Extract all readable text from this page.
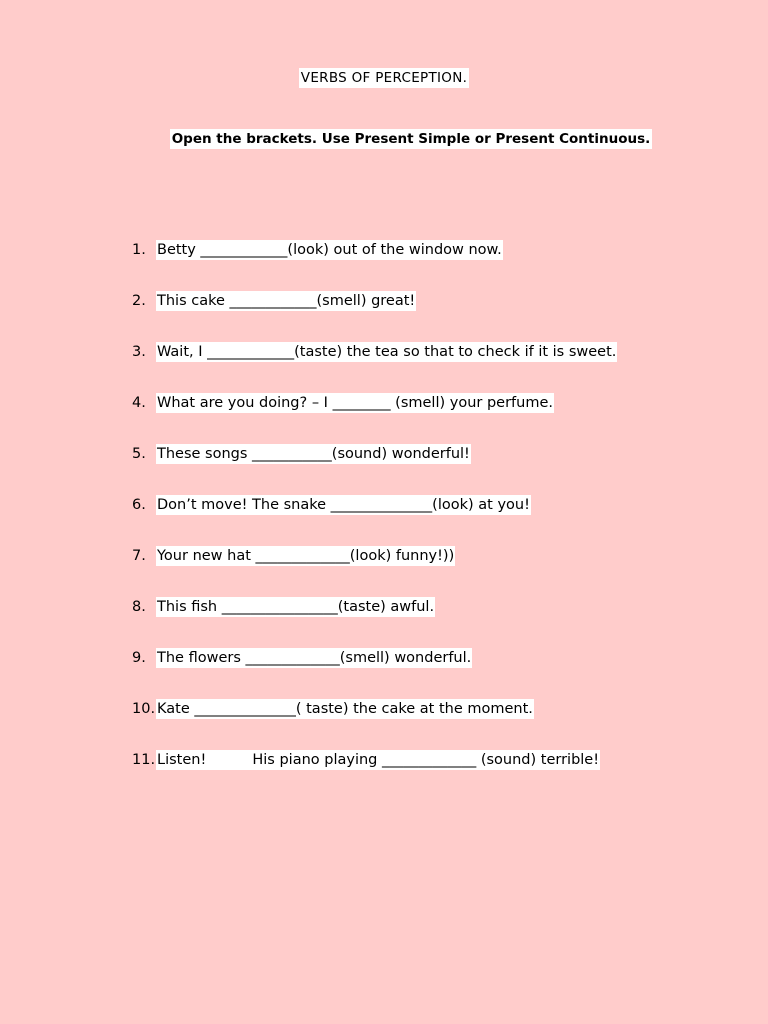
VERBS OF PERCEPTION.
Open the brackets. Use Present Simple or Present Continuous.
1. Betty ____________(look) out of the window now.
2. This cake ____________(smell) great!
3. Wait, I ____________(taste) the tea so that to check if it is sweet.
4. What are you doing? – I ________ (smell) your perfume.
5. These songs ___________(sound) wonderful!
6. Don’t move! The snake ______________(look) at you!
7. Your new hat _____________(look) funny!))
8. This fish ________________(taste) awful.
9. The flowers _____________(smell) wonderful.
10. Kate ______________( taste) the cake at the moment.
11. Listen!          His piano playing _____________ (sound) terrible!
